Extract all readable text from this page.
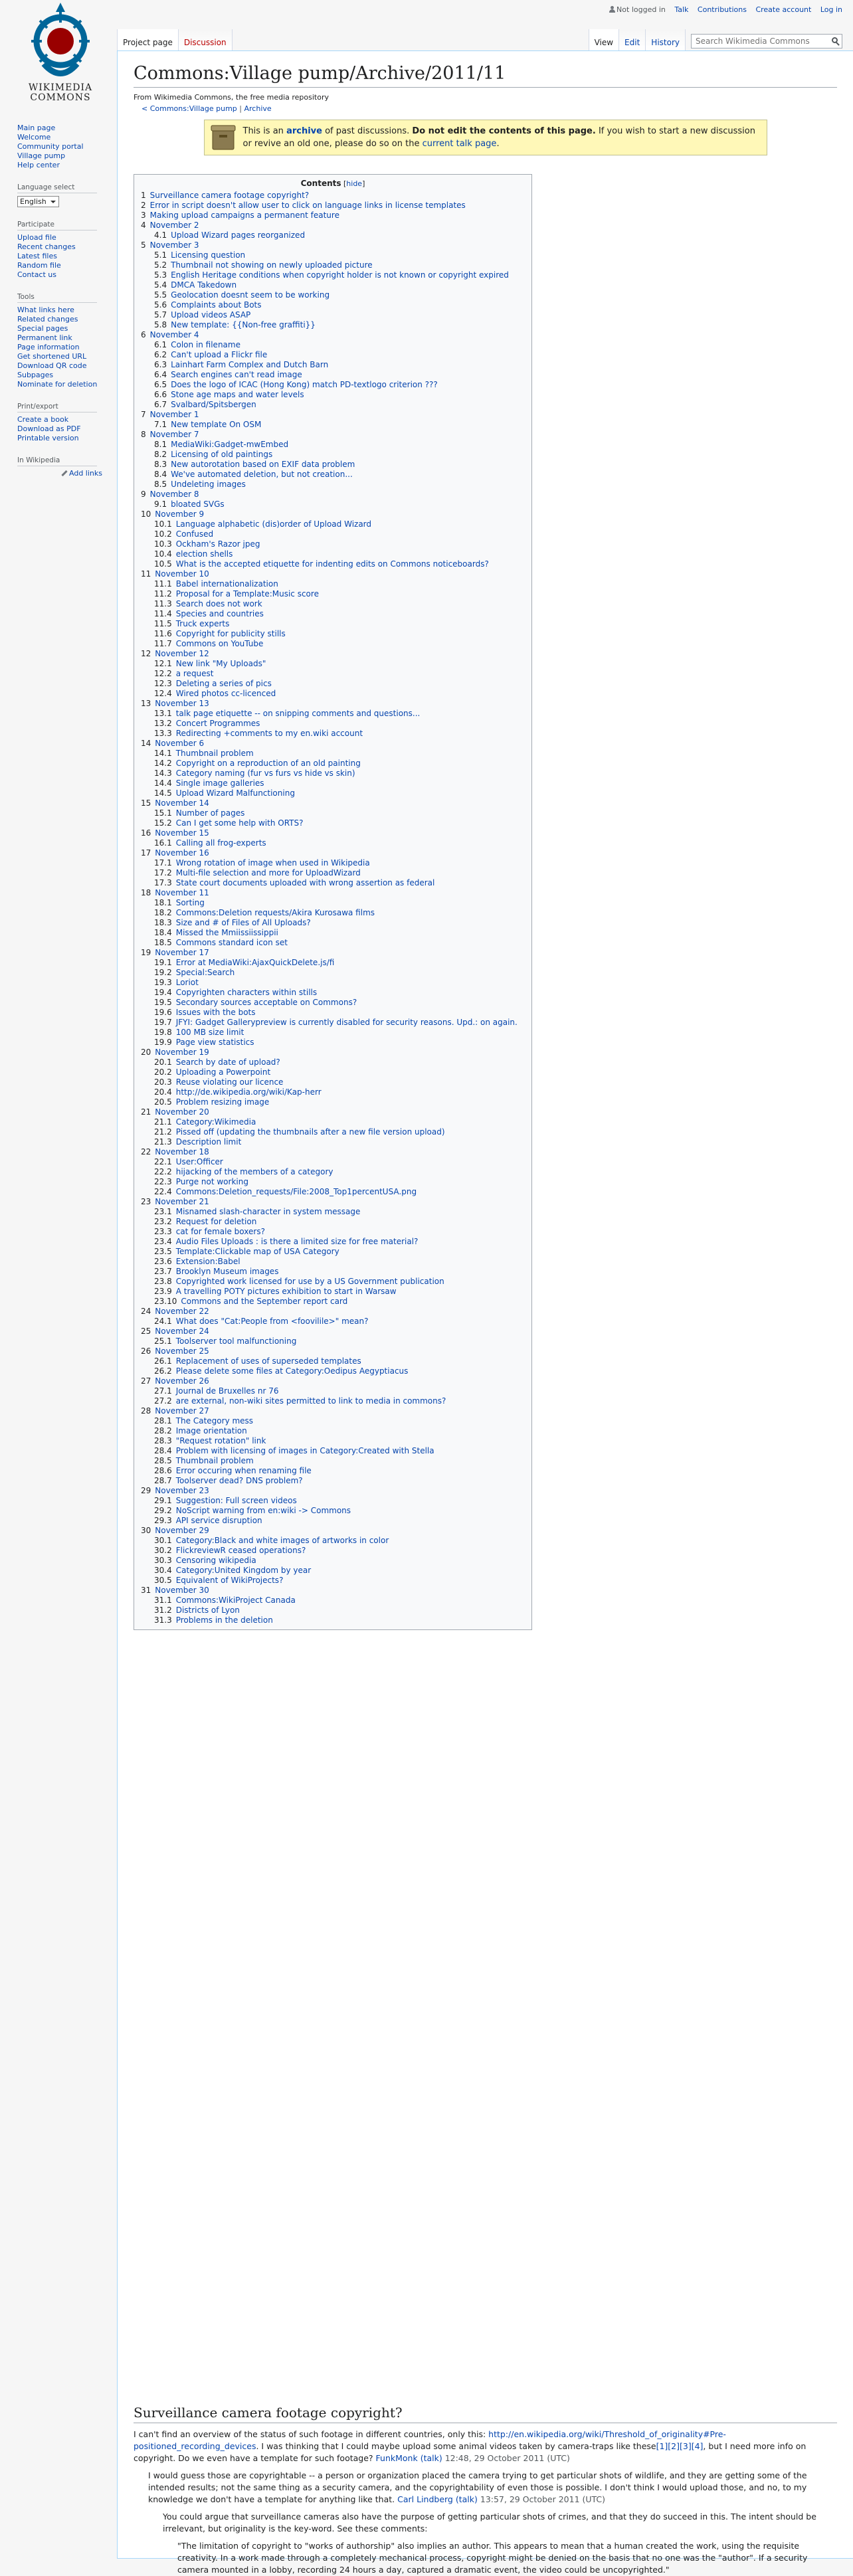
Not logged in Talk Contributions Create account Log in
WIKIMEDIA
COMMONS
Main page
Welcome
Community portal
Village pump
Help center
Language select
English
Participate
Upload file
Recent changes
Latest files
Random file
Contact us
Tools
What links here
Related changes
Special pages
Permanent link
Page information
Get shortened URL
Download QR code
Subpages
Nominate for deletion
Print/export
Create a book
Download as PDF
Printable version
In Wikipedia
Add links
Project page	Discussion	View	Edit	History
Search Wikimedia Commons
Commons:Village pump/Archive/2011/11
From Wikimedia Commons, the free media repository
< Commons:Village pump | Archive
This is an archive of past discussions. Do not edit the contents of this page. If you wish to start a new discussion or revive an old one, please do so on the current talk page.
Contents [hide]
1 Surveillance camera footage copyright?
2 Error in script doesn't allow user to click on language links in license templates
3 Making upload campaigns a permanent feature
4 November 2
4.1 Upload Wizard pages reorganized
5 November 3
5.1 Licensing question
5.2 Thumbnail not showing on newly uploaded picture
5.3 English Heritage conditions when copyright holder is not known or copyright expired
5.4 DMCA Takedown
5.5 Geolocation doesnt seem to be working
5.6 Complaints about Bots
5.7 Upload videos ASAP
5.8 New template: {{Non-free graffiti}}
6 November 4
6.1 Colon in filename
6.2 Can't upload a Flickr file
6.3 Lainhart Farm Complex and Dutch Barn
6.4 Search engines can't read image
6.5 Does the logo of ICAC (Hong Kong) match PD-textlogo criterion ???
6.6 Stone age maps and water levels
6.7 Svalbard/Spitsbergen
7 November 1
7.1 New template On OSM
8 November 7
8.1 MediaWiki:Gadget-mwEmbed
8.2 Licensing of old paintings
8.3 New autorotation based on EXIF data problem
8.4 We've automated deletion, but not creation...
8.5 Undeleting images
9 November 8
9.1 bloated SVGs
10 November 9
10.1 Language alphabetic (dis)order of Upload Wizard
10.2 Confused
10.3 Ockham's Razor jpeg
10.4 election shells
10.5 What is the accepted etiquette for indenting edits on Commons noticeboards?
11 November 10
11.1 Babel internationalization
11.2 Proposal for a Template:Music score
11.3 Search does not work
11.4 Species and countries
11.5 Truck experts
11.6 Copyright for publicity stills
11.7 Commons on YouTube
12 November 12
12.1 New link "My Uploads"
12.2 a request
12.3 Deleting a series of pics
12.4 Wired photos cc-licenced
13 November 13
13.1 talk page etiquette -- on snipping comments and questions...
13.2 Concert Programmes
13.3 Redirecting +comments to my en.wiki account
14 November 6
14.1 Thumbnail problem
14.2 Copyright on a reproduction of an old painting
14.3 Category naming (fur vs furs vs hide vs skin)
14.4 Single image galleries
14.5 Upload Wizard Malfunctioning
15 November 14
15.1 Number of pages
15.2 Can I get some help with ORTS?
16 November 15
16.1 Calling all frog-experts
17 November 16
17.1 Wrong rotation of image when used in Wikipedia
17.2 Multi-file selection and more for UploadWizard
17.3 State court documents uploaded with wrong assertion as federal
18 November 11
18.1 Sorting
18.2 Commons:Deletion requests/Akira Kurosawa films
18.3 Size and # of Files of All Uploads?
18.4 Missed the Mmiissiissippii
18.5 Commons standard icon set
19 November 17
19.1 Error at MediaWiki:AjaxQuickDelete.js/fi
19.2 Special:Search
19.3 Loriot
19.4 Copyrighten characters within stills
19.5 Secondary sources acceptable on Commons?
19.6 Issues with the bots
19.7 JFYI: Gadget Gallerypreview is currently disabled for security reasons. Upd.: on again.
19.8 100 MB size limit
19.9 Page view statistics
20 November 19
20.1 Search by date of upload?
20.2 Uploading a Powerpoint
20.3 Reuse violating our licence
20.4 http://de.wikipedia.org/wiki/Kap-herr
20.5 Problem resizing image
21 November 20
21.1 Category:Wikimedia
21.2 Pissed off (updating the thumbnails after a new file version upload)
21.3 Description limit
22 November 18
22.1 User:Officer
22.2 hijacking of the members of a category
22.3 Purge not working
22.4 Commons:Deletion_requests/File:2008_Top1percentUSA.png
23 November 21
23.1 Misnamed slash-character in system message
23.2 Request for deletion
23.3 cat for female boxers?
23.4 Audio Files Uploads : is there a limited size for free material?
23.5 Template:Clickable map of USA Category
23.6 Extension:Babel
23.7 Brooklyn Museum images
23.8 Copyrighted work licensed for use by a US Government publication
23.9 A travelling POTY pictures exhibition to start in Warsaw
23.10 Commons and the September report card
24 November 22
24.1 What does "Cat:People from <foovilile>" mean?
25 November 24
25.1 Toolserver tool malfunctioning
26 November 25
26.1 Replacement of uses of superseded templates
26.2 Please delete some files at Category:Oedipus Aegyptiacus
27 November 26
27.1 Journal de Bruxelles nr 76
27.2 are external, non-wiki sites permitted to link to media in commons?
28 November 27
28.1 The Category mess
28.2 Image orientation
28.3 "Request rotation" link
28.4 Problem with licensing of images in Category:Created with Stella
28.5 Thumbnail problem
28.6 Error occuring when renaming file
28.7 Toolserver dead? DNS problem?
29 November 23
29.1 Suggestion: Full screen videos
29.2 NoScript warning from en:wiki -> Commons
29.3 API service disruption
30 November 29
30.1 Category:Black and white images of artworks in color
30.2 FlickreviewR ceased operations?
30.3 Censoring wikipedia
30.4 Category:United Kingdom by year
30.5 Equivalent of WikiProjects?
31 November 30
31.1 Commons:WikiProject Canada
31.2 Districts of Lyon
31.3 Problems in the deletion
Surveillance camera footage copyright?

I can't find an overview of the status of such footage in different countries, only this: http://en.wikipedia.org/wiki/Threshold_of_originality#Pre-positioned_recording_devices. I was thinking that I could maybe upload some animal videos taken by camera-traps like these[1][2][3][4], but I need more info on copyright. Do we even have a template for such footage? FunkMonk (talk) 12:48, 29 October 2011 (UTC)

I would guess those are copyrightable -- a person or organization placed the camera trying to get particular shots of wildlife, and they are getting some of the intended results; not the same thing as a security camera, and the copyrightability of even those is possible. I don't think I would upload those, and no, to my knowledge we don't have a template for anything like that. Carl Lindberg (talk) 13:57, 29 October 2011 (UTC)

You could argue that surveillance cameras also have the purpose of getting particular shots of crimes, and that they do succeed in this. The intent should be irrelevant, but originality is the key-word. See these comments:

"The limitation of copyright to "works of authorship" also implies an author. This appears to mean that a human created the work, using the requisite creativity. In a work made through a completely mechanical process, copyright might be denied on the basis that no one was the "author". If a security camera mounted in a lobby, recording 24 hours a day, captured a dramatic event, the video could be uncopyrighted."
